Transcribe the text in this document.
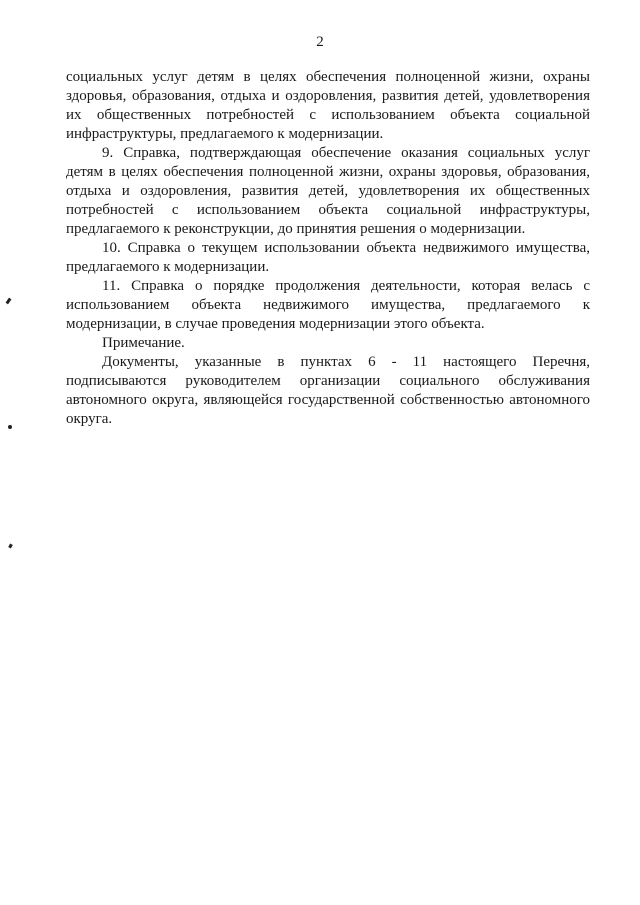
2

социальных услуг детям в целях обеспечения полноценной жизни, охраны здоровья, образования, отдыха и оздоровления, развития детей, удовлетворения их общественных потребностей с использованием объекта социальной инфраструктуры, предлагаемого к модернизации.

9. Справка, подтверждающая обеспечение оказания социальных услуг детям в целях обеспечения полноценной жизни, охраны здоровья, образования, отдыха и оздоровления, развития детей, удовлетворения их общественных потребностей с использованием объекта социальной инфраструктуры, предлагаемого к реконструкции, до принятия решения о модернизации.

10. Справка о текущем использовании объекта недвижимого имущества, предлагаемого к модернизации.

11. Справка о порядке продолжения деятельности, которая велась с использованием объекта недвижимого имущества, предлагаемого к модернизации, в случае проведения модернизации этого объекта.

Примечание.

Документы, указанные в пунктах 6 - 11 настоящего Перечня, подписываются руководителем организации социального обслуживания автономного округа, являющейся государственной собственностью автономного округа.
